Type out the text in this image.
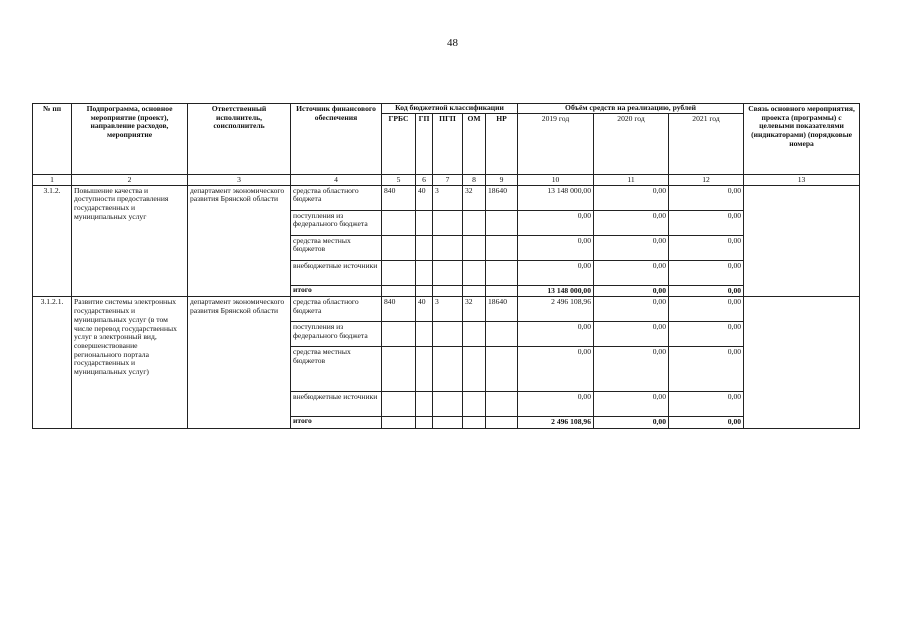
48
№ пп	Подпрограмма, основное мероприятие (проект), направление расходов, мероприятие	Ответственный исполнитель, соисполнитель	Источник финансового обеспечения	Код бюджетной классификации					Объём средств на реализацию, рублей			Связь основного мероприятия, проекта (программы) с целевыми показателями (индикаторами) (порядковые номера
				ГРБС	ГП	ПГП	ОМ	НР	2019 год	2020 год	2021 год	
1	2	3	4	5	6	7	8	9	10	11	12	13
3.1.2.	Повышение качества и доступности предоставления государственных и муниципальных услуг	департамент экономического развития Брянской области	средства областного бюджета	840	40	3	32	18640	13 148 000,00	0,00	0,00	
			поступления из федерального бюджета						0,00	0,00	0,00	
			средства местных бюджетов						0,00	0,00	0,00	
			внебюджетные источники						0,00	0,00	0,00	
			итого						13 148 000,00	0,00	0,00	
3.1.2.1.	Развитие системы электронных государственных и муниципальных услуг (в том числе перевод государственных услуг в электронный вид, совершенствование регионального портала государственных и муниципальных услуг)	департамент экономического развития Брянской области	средства областного бюджета	840	40	3	32	18640	2 496 108,96	0,00	0,00	
			поступления из федерального бюджета						0,00	0,00	0,00	
			средства местных бюджетов						0,00	0,00	0,00	
			внебюджетные источники						0,00	0,00	0,00	
			итого						2 496 108,96	0,00	0,00	
